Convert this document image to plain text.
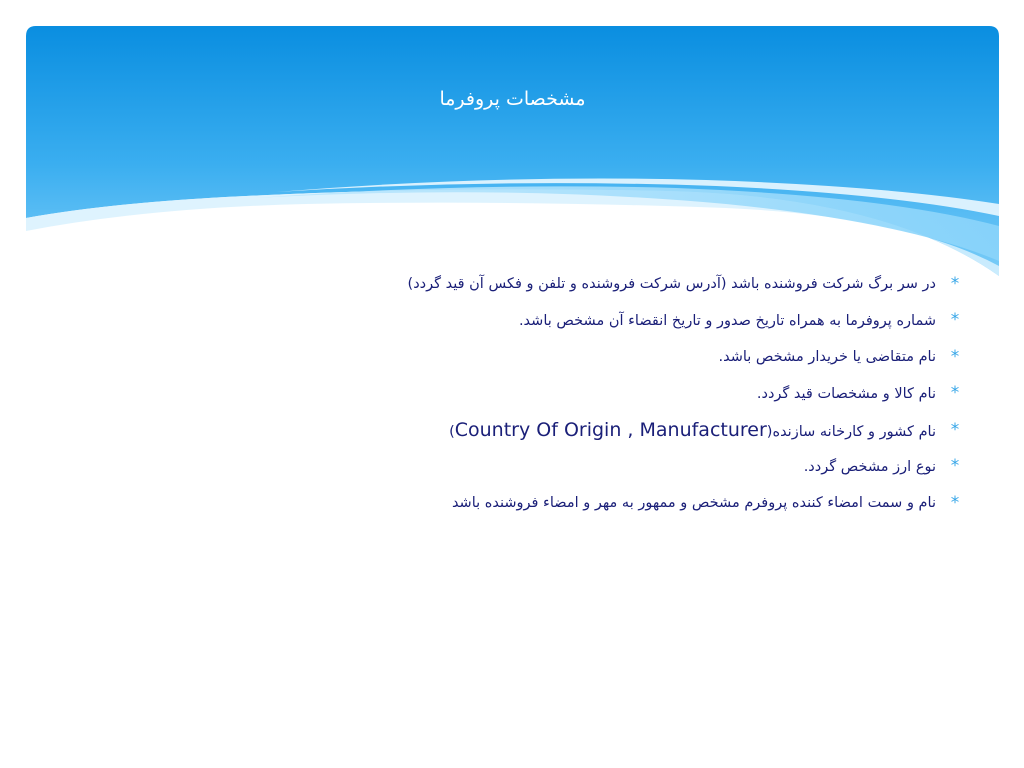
مشخصات پروفرما
*
در سر برگ شرکت فروشنده باشد (آدرس شرکت فروشنده و تلفن و فکس آن قید گردد)
*
شماره پروفرما به همراه تاریخ صدور و تاریخ انقضاء آن مشخص باشد.
*
نام متقاضی یا خریدار مشخص باشد.
*
نام کالا و مشخصات قید گردد.
*
نام کشور و کارخانه سازنده(Country Of Origin , Manufacturer)
*
نوع ارز مشخص گردد.
*
نام و سمت امضاء کننده پروفرم مشخص و ممهور به مهر و امضاء فروشنده باشد
